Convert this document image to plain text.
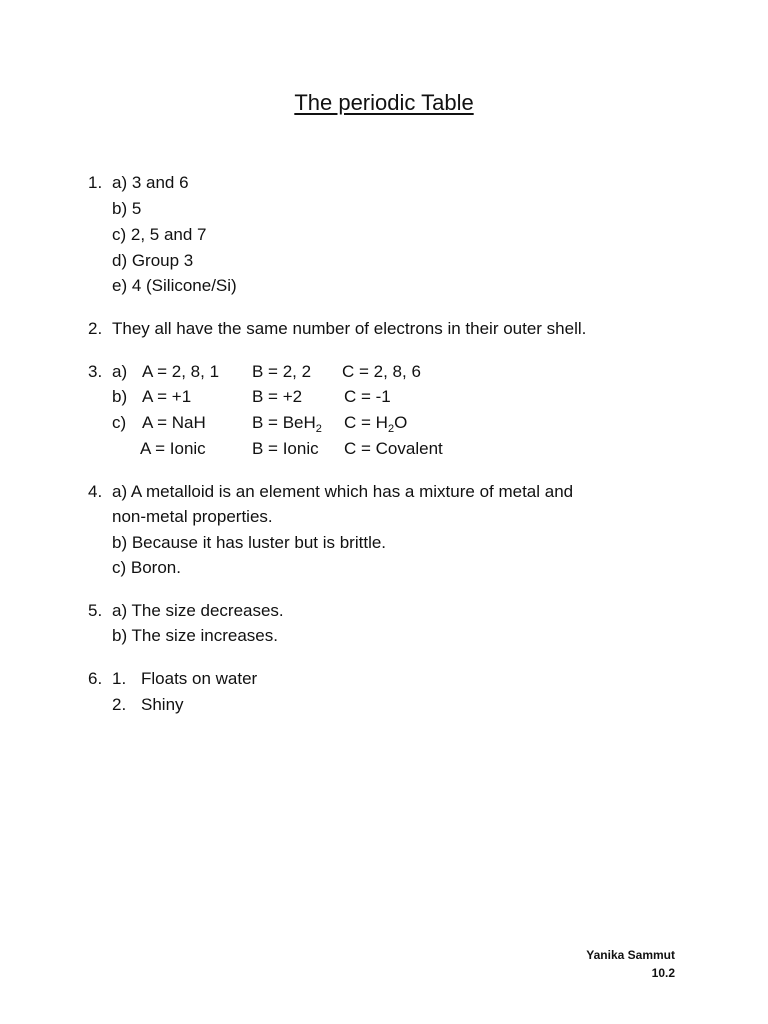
The periodic Table
1. a) 3 and 6
b) 5
c) 2, 5 and 7
d) Group 3
e) 4 (Silicone/Si)
2. They all have the same number of electrons in their outer shell.
3. a) A = 2, 8, 1 B = 2, 2 C = 2, 8, 6
b) A = +1	B = +2 C = -1
c) A = NaH	B = BeH$_2$ $C = H_2O$
A = Ionic	B = Ionic C = Covalent
4. a) A metalloid is an element which has a mixture of metal and
non-metal properties.
b) Because it has luster but is brittle.
c) Boron.
5. a) The size decreases.
b) The size increases.
6. 1. Floats on water
2. Shiny
Yanika Sammut
10.2
